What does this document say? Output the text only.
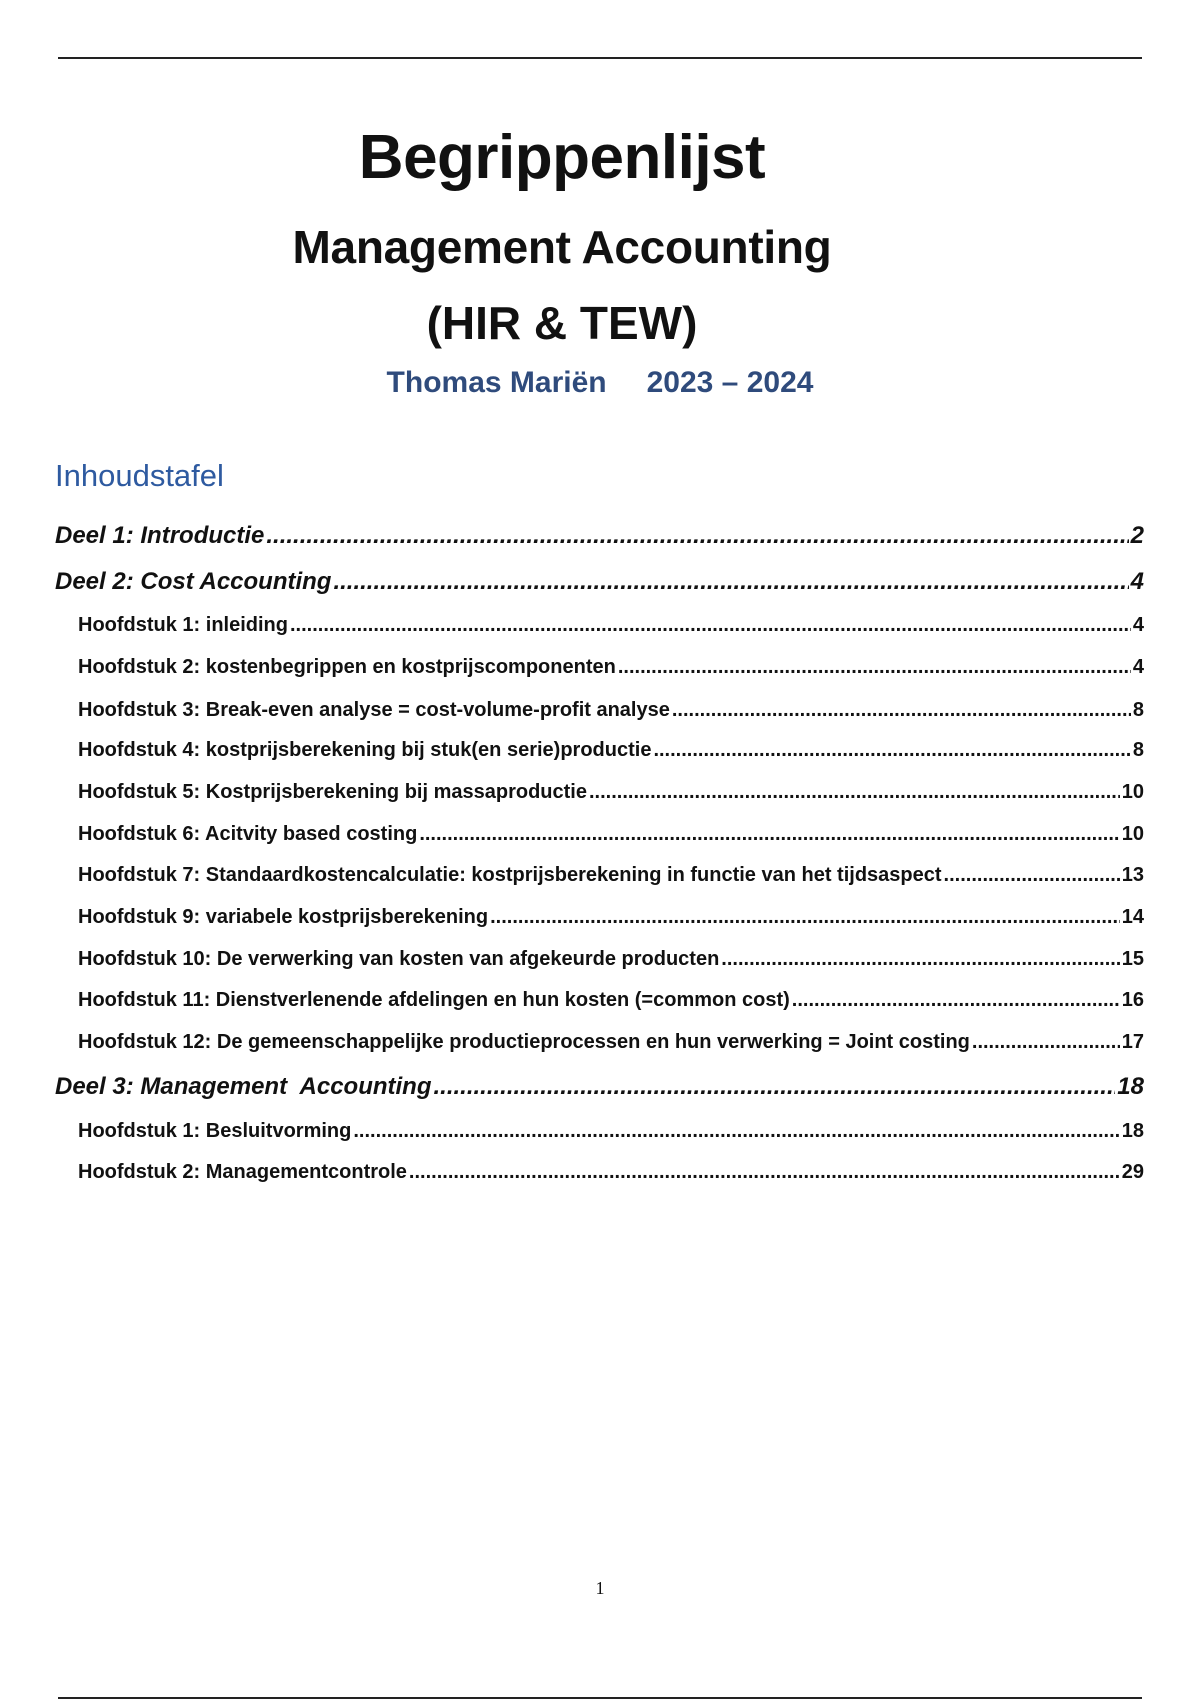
Begrippenlijst
Management Accounting
(HIR & TEW)
Thomas Mariën 2023 – 2024
Inhoudstafel
Deel 1: Introductie .....	2
Deel 2: Cost Accounting .....	4
Hoofdstuk 1: inleiding .....	4
Hoofdstuk 2: kostenbegrippen en kostprijscomponenten .....	4
Hoofdstuk 3: Break-even analyse = cost-volume-profit analyse .....	8
Hoofdstuk 4: kostprijsberekening bij stuk(en serie)productie .....	8
Hoofdstuk 5: Kostprijsberekening bij massaproductie .....	10
Hoofdstuk 6: Acitvity based costing .....	10
Hoofdstuk 7: Standaardkostencalculatie: kostprijsberekening in functie van het tijdsaspect .....	13
Hoofdstuk 9: variabele kostprijsberekening .....	14
Hoofdstuk 10: De verwerking van kosten van afgekeurde producten .....	15
Hoofdstuk 11: Dienstverlenende afdelingen en hun kosten (=common cost) .....	16
Hoofdstuk 12: De gemeenschappelijke productieprocessen en hun verwerking = Joint costing .....	17
Deel 3: Management  Accounting .....	18
Hoofdstuk 1: Besluitvorming .....	18
Hoofdstuk 2: Managementcontrole .....	29
1
